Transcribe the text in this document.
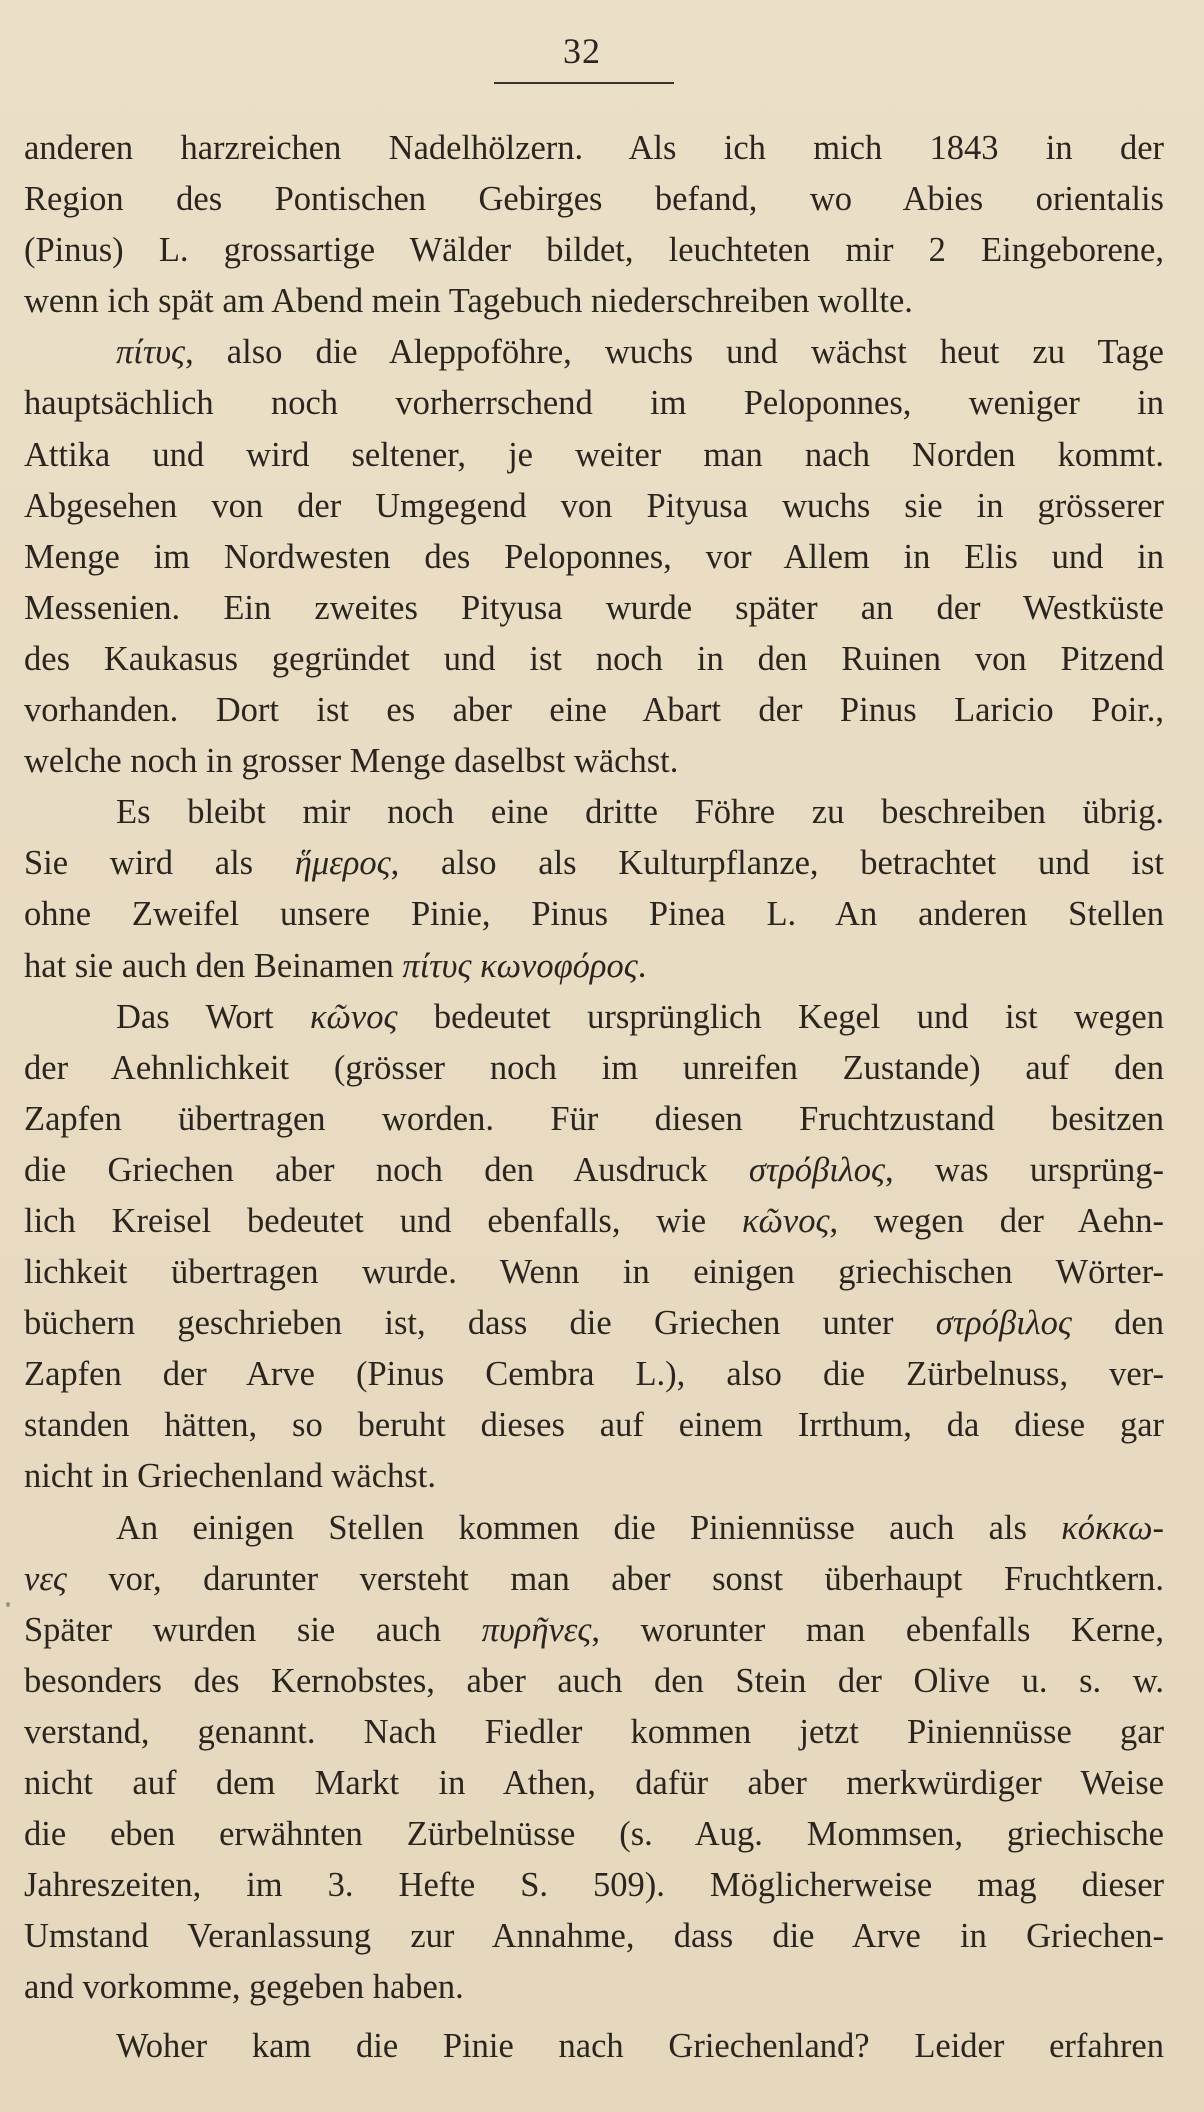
32
anderen harzreichen Nadelhölzern. Als ich mich 1843 in der
Region des Pontischen Gebirges befand, wo Abies orientalis
(Pinus) L. grossartige Wälder bildet, leuchteten mir 2 Eingeborene,
wenn ich spät am Abend mein Tagebuch niederschreiben wollte.
πίτυς, also die Aleppoföhre, wuchs und wächst heut zu Tage
hauptsächlich noch vorherrschend im Peloponnes, weniger in
Attika und wird seltener, je weiter man nach Norden kommt.
Abgesehen von der Umgegend von Pityusa wuchs sie in grösserer
Menge im Nordwesten des Peloponnes, vor Allem in Elis und in
Messenien. Ein zweites Pityusa wurde später an der Westküste
des Kaukasus gegründet und ist noch in den Ruinen von Pitzend
vorhanden. Dort ist es aber eine Abart der Pinus Laricio Poir.,
welche noch in grosser Menge daselbst wächst.
Es bleibt mir noch eine dritte Föhre zu beschreiben übrig.
Sie wird als ἥμερος, also als Kulturpflanze, betrachtet und ist
ohne Zweifel unsere Pinie, Pinus Pinea L. An anderen Stellen
hat sie auch den Beinamen πίτυς κωνοφόρος.
Das Wort κῶνος bedeutet ursprünglich Kegel und ist wegen
der Aehnlichkeit (grösser noch im unreifen Zustande) auf den
Zapfen übertragen worden. Für diesen Fruchtzustand besitzen
die Griechen aber noch den Ausdruck στρόβιλος, was ursprüng-
lich Kreisel bedeutet und ebenfalls, wie κῶνος, wegen der Aehn-
lichkeit übertragen wurde. Wenn in einigen griechischen Wörter-
büchern geschrieben ist, dass die Griechen unter στρόβιλος den
Zapfen der Arve (Pinus Cembra L.), also die Zürbelnuss, ver-
standen hätten, so beruht dieses auf einem Irrthum, da diese gar
nicht in Griechenland wächst.
An einigen Stellen kommen die Piniennüsse auch als κόκκω-
νες vor, darunter versteht man aber sonst überhaupt Fruchtkern.
Später wurden sie auch πυρῆνες, worunter man ebenfalls Kerne,
besonders des Kernobstes, aber auch den Stein der Olive u. s. w.
verstand, genannt. Nach Fiedler kommen jetzt Piniennüsse gar
nicht auf dem Markt in Athen, dafür aber merkwürdiger Weise
die eben erwähnten Zürbelnüsse (s. Aug. Mommsen, griechische
Jahreszeiten, im 3. Hefte S. 509). Möglicherweise mag dieser
Umstand Veranlassung zur Annahme, dass die Arve in Griechen-
and vorkomme, gegeben haben.
Woher kam die Pinie nach Griechenland? Leider erfahren
